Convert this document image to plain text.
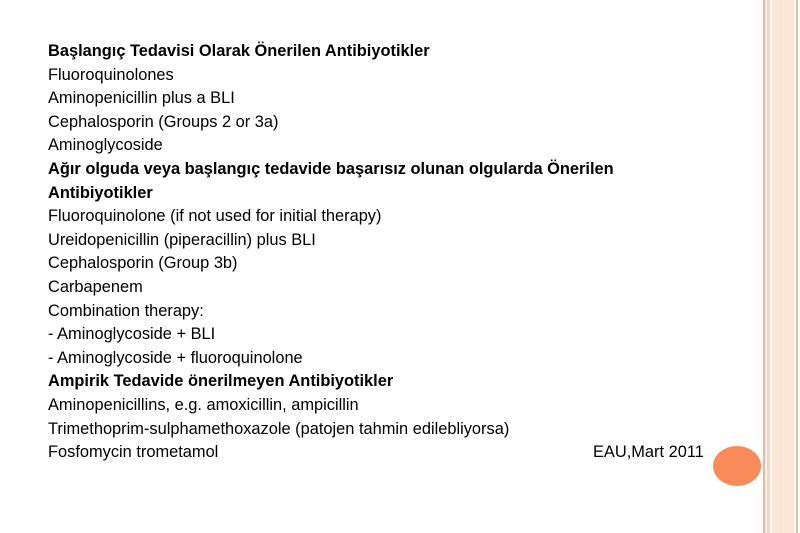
Başlangıç Tedavisi Olarak Önerilen Antibiyotikler
Fluoroquinolones
Aminopenicillin plus a BLI
Cephalosporin (Groups 2 or 3a)
Aminoglycoside
Ağır olguda veya başlangıç tedavide başarısız olunan olgularda Önerilen
Antibiyotikler
Fluoroquinolone (if not used for initial therapy)
Ureidopenicillin (piperacillin) plus BLI
Cephalosporin (Group 3b)
Carbapenem
Combination therapy:
- Aminoglycoside + BLI
- Aminoglycoside + fluoroquinolone
Ampirik Tedavide önerilmeyen Antibiyotikler
Aminopenicillins, e.g. amoxicillin, ampicillin
Trimethoprim-sulphamethoxazole (patojen tahmin edilebliyorsa)
Fosfomycin trometamol	EAU,Mart 2011
